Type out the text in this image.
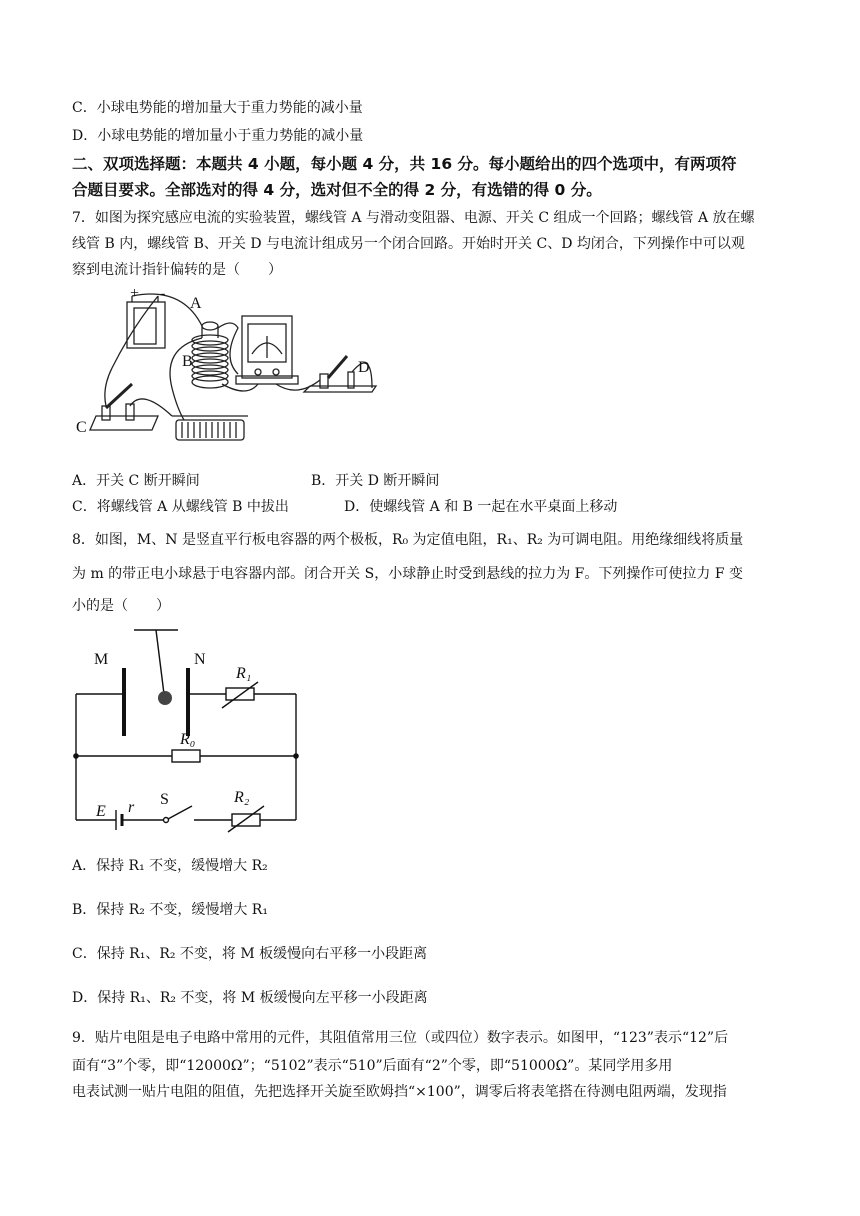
C．小球电势能的增加量大于重力势能的减小量
D．小球电势能的增加量小于重力势能的减小量
二、双项选择题：本题共 4 小题，每小题 4 分，共 16 分。每小题给出的四个选项中，有两项符
合题目要求。全部选对的得 4 分，选对但不全的得 2 分，有选错的得 0 分。
7．如图为探究感应电流的实验装置，螺线管 A 与滑动变阻器、电源、开关 C 组成一个回路；螺线管 A 放在螺
线管 B 内，螺线管 B、开关 D 与电流计组成另一个闭合回路。开始时开关 C、D 均闭合，下列操作中可以观
察到电流计指针偏转的是（　　）
+ -
A
B
C
D
A．开关 C 断开瞬间	B．开关 D 断开瞬间
C．将螺线管 A 从螺线管 B 中拔出	D．使螺线管 A 和 B 一起在水平桌面上移动
8．如图，M、N 是竖直平行板电容器的两个极板，R₀ 为定值电阻，R₁、R₂ 为可调电阻。用绝缘细线将质量
为 m 的带正电小球悬于电容器内部。闭合开关 S，小球静止时受到悬线的拉力为 F。下列操作可使拉力 F 变
小的是（　　）
M	N
R₁
R₀
E r S	R₂
A．保持 R₁ 不变，缓慢增大 R₂
B．保持 R₂ 不变，缓慢增大 R₁
C．保持 R₁、R₂ 不变，将 M 板缓慢向右平移一小段距离
D．保持 R₁、R₂ 不变，将 M 板缓慢向左平移一小段距离
9．贴片电阻是电子电路中常用的元件，其阻值常用三位（或四位）数字表示。如图甲，“123”表示“12”后
面有“3”个零，即“12000Ω”；“5102”表示“510”后面有“2”个零，即“51000Ω”。某同学用多用
电表试测一贴片电阻的阻值，先把选择开关旋至欧姆挡“×100”，调零后将表笔搭在待测电阻两端，发现指
